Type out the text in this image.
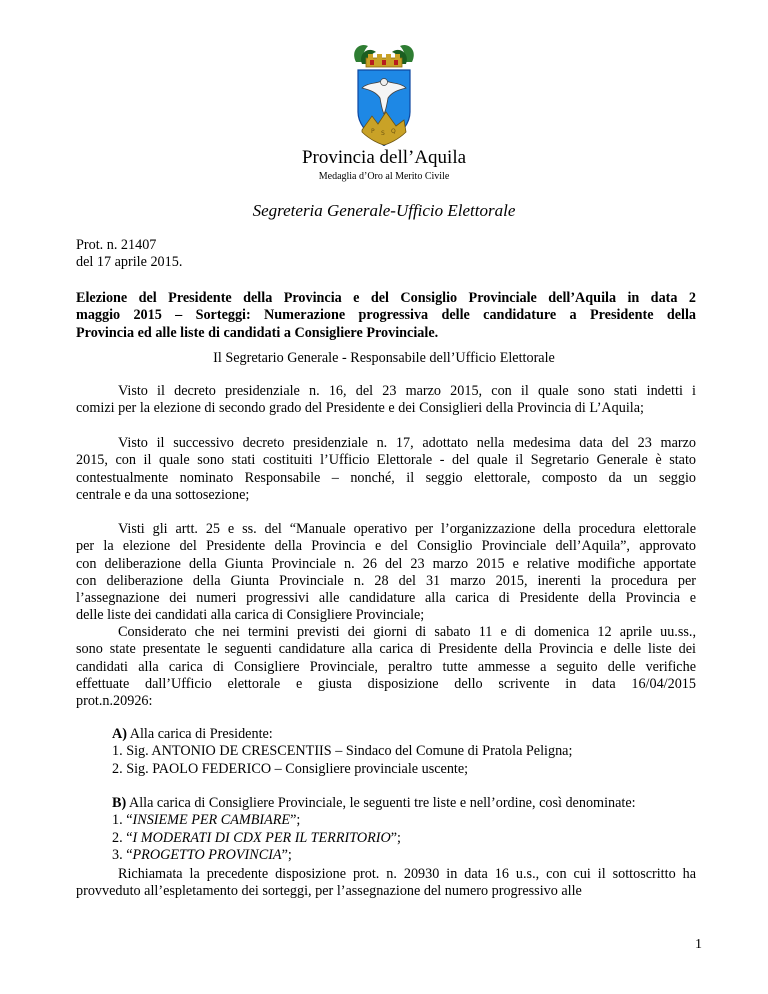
P S Q
Provincia dell’Aquila
Medaglia d’Oro al Merito Civile
Segreteria Generale-Ufficio Elettorale
Prot. n. 21407
del 17 aprile 2015.
Elezione del Presidente della Provincia e del Consiglio Provinciale dell’Aquila in data 2
maggio 2015 – Sorteggi: Numerazione progressiva delle candidature a Presidente della
Provincia ed alle liste di candidati a Consigliere Provinciale.
Il Segretario Generale - Responsabile dell’Ufficio Elettorale
Visto il decreto presidenziale n. 16, del 23 marzo 2015, con il quale sono stati indetti i
comizi per la elezione di secondo grado del Presidente e dei Consiglieri della Provincia di L’Aquila;
Visto il successivo decreto presidenziale n. 17, adottato nella medesima data del 23 marzo
2015, con il quale sono stati costituiti l’Ufficio Elettorale - del quale il Segretario Generale è stato
contestualmente nominato Responsabile – nonché, il seggio elettorale, composto da un seggio
centrale e da una sottosezione;
Visti gli artt. 25 e ss. del “Manuale operativo per l’organizzazione della procedura elettorale
per la elezione del Presidente della Provincia e del Consiglio Provinciale dell’Aquila”, approvato
con deliberazione della Giunta Provinciale n. 26 del 23 marzo 2015 e relative modifiche apportate
con deliberazione della Giunta Provinciale n. 28 del 31 marzo 2015, inerenti la procedura per
l’assegnazione dei numeri progressivi alle candidature alla carica di Presidente della Provincia e
delle liste dei candidati alla carica di Consigliere Provinciale;
Considerato che nei termini previsti dei giorni di sabato 11 e di domenica 12 aprile uu.ss.,
sono state presentate le seguenti candidature alla carica di Presidente della Provincia e delle liste dei
candidati alla carica di Consigliere Provinciale, peraltro tutte ammesse a seguito delle verifiche
effettuate dall’Ufficio elettorale e giusta disposizione dello scrivente in data 16/04/2015
prot.n.20926:
A) Alla carica di Presidente:
1. Sig. ANTONIO DE CRESCENTIIS – Sindaco del Comune di Pratola Peligna;
2. Sig. PAOLO FEDERICO – Consigliere provinciale uscente;
B) Alla carica di Consigliere Provinciale, le seguenti tre liste e nell’ordine, così denominate:
1. “INSIEME PER CAMBIARE”;
2. “I MODERATI DI CDX PER IL TERRITORIO”;
3. “PROGETTO PROVINCIA”;
Richiamata la precedente disposizione prot. n. 20930 in data 16 u.s., con cui il sottoscritto ha
provveduto all’espletamento dei sorteggi, per l’assegnazione del numero progressivo alle
1
